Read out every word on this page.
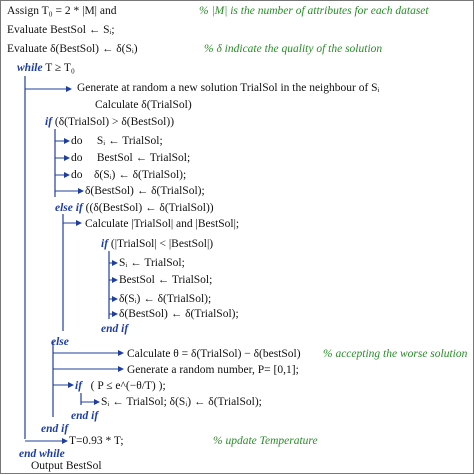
Assign T₀ = 2 * |M| and	% |M| is the number of attributes for each dataset
Evaluate BestSol ← Sᵢ;
Evaluate δ(BestSol) ← δ(Sᵢ)	% δ indicate the quality of the solution
while T ≥ T₀
Generate at random a new solution TrialSol in the neighbour of Sᵢ
Calculate δ(TrialSol)
if (δ(TrialSol) > δ(BestSol))
do Sᵢ ← TrialSol;
do BestSol ← TrialSol;
do δ(Sᵢ) ← δ(TrialSol);
δ(BestSol) ← δ(TrialSol);
else if ((δ(BestSol) ← δ(TrialSol))
Calculate |TrialSol| and |BestSol|;
if (|TrialSol| < |BestSol|)
Sᵢ ← TrialSol;
BestSol ← TrialSol;
δ(Sᵢ) ← δ(TrialSol);
δ(BestSol) ← δ(TrialSol);
end if
else
Calculate θ = δ(TrialSol) − δ(bestSol) % accepting the worse solution
Generate a random number, P= [0,1];
if ( P ≤ e^(−θ/T) );
Sᵢ ← TrialSol; δ(Sᵢ) ← δ(TrialSol);
end if
end if
T=0.93 * T;	% update Temperature
end while
Output BestSol
